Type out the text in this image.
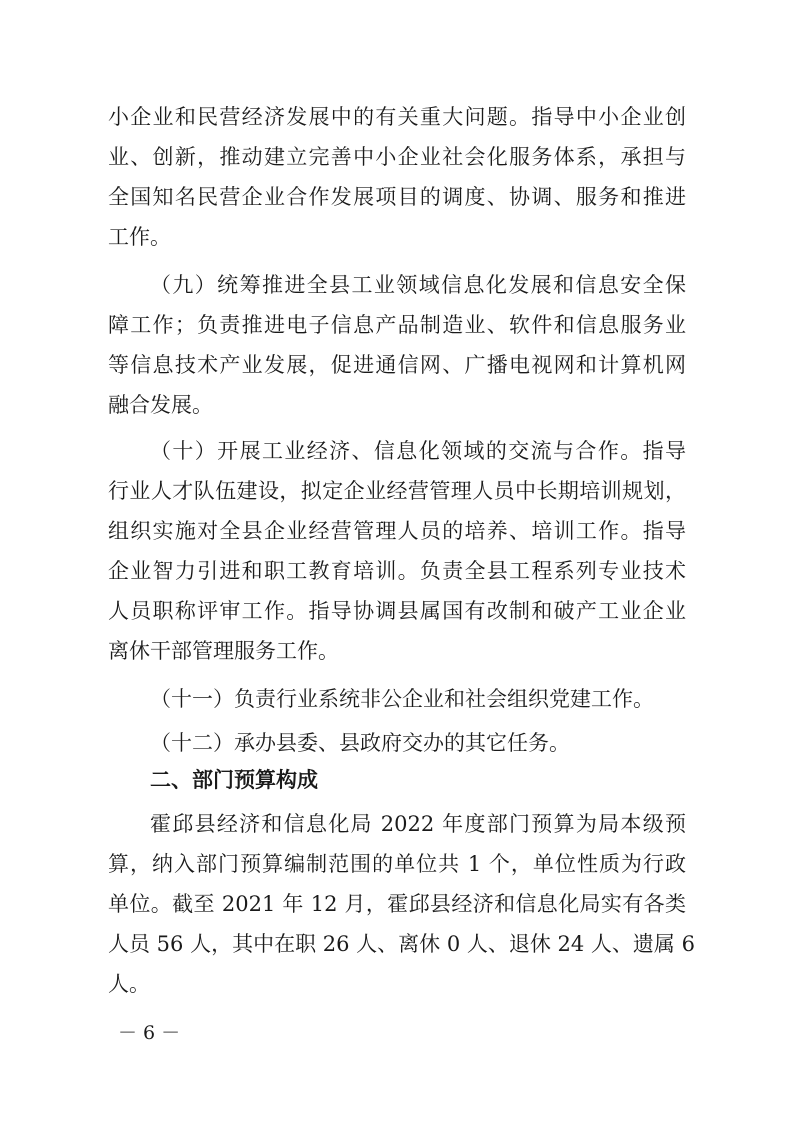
小企业和民营经济发展中的有关重大问题。指导中小企业创
业、创新，推动建立完善中小企业社会化服务体系，承担与
全国知名民营企业合作发展项目的调度、协调、服务和推进
工作。
（九）统筹推进全县工业领域信息化发展和信息安全保
障工作；负责推进电子信息产品制造业、软件和信息服务业
等信息技术产业发展，促进通信网、广播电视网和计算机网
融合发展。
（十）开展工业经济、信息化领域的交流与合作。指导
行业人才队伍建设，拟定企业经营管理人员中长期培训规划，
组织实施对全县企业经营管理人员的培养、培训工作。指导
企业智力引进和职工教育培训。负责全县工程系列专业技术
人员职称评审工作。指导协调县属国有改制和破产工业企业
离休干部管理服务工作。
（十一）负责行业系统非公企业和社会组织党建工作。
（十二）承办县委、县政府交办的其它任务。
二、部门预算构成
霍邱县经济和信息化局 2022 年度部门预算为局本级预
算，纳入部门预算编制范围的单位共 1 个，单位性质为行政
单位。截至 2021 年 12 月，霍邱县经济和信息化局实有各类
人员 56 人，其中在职 26 人、离休 0 人、退休 24 人、遗属 6
人。
－ 6 －
